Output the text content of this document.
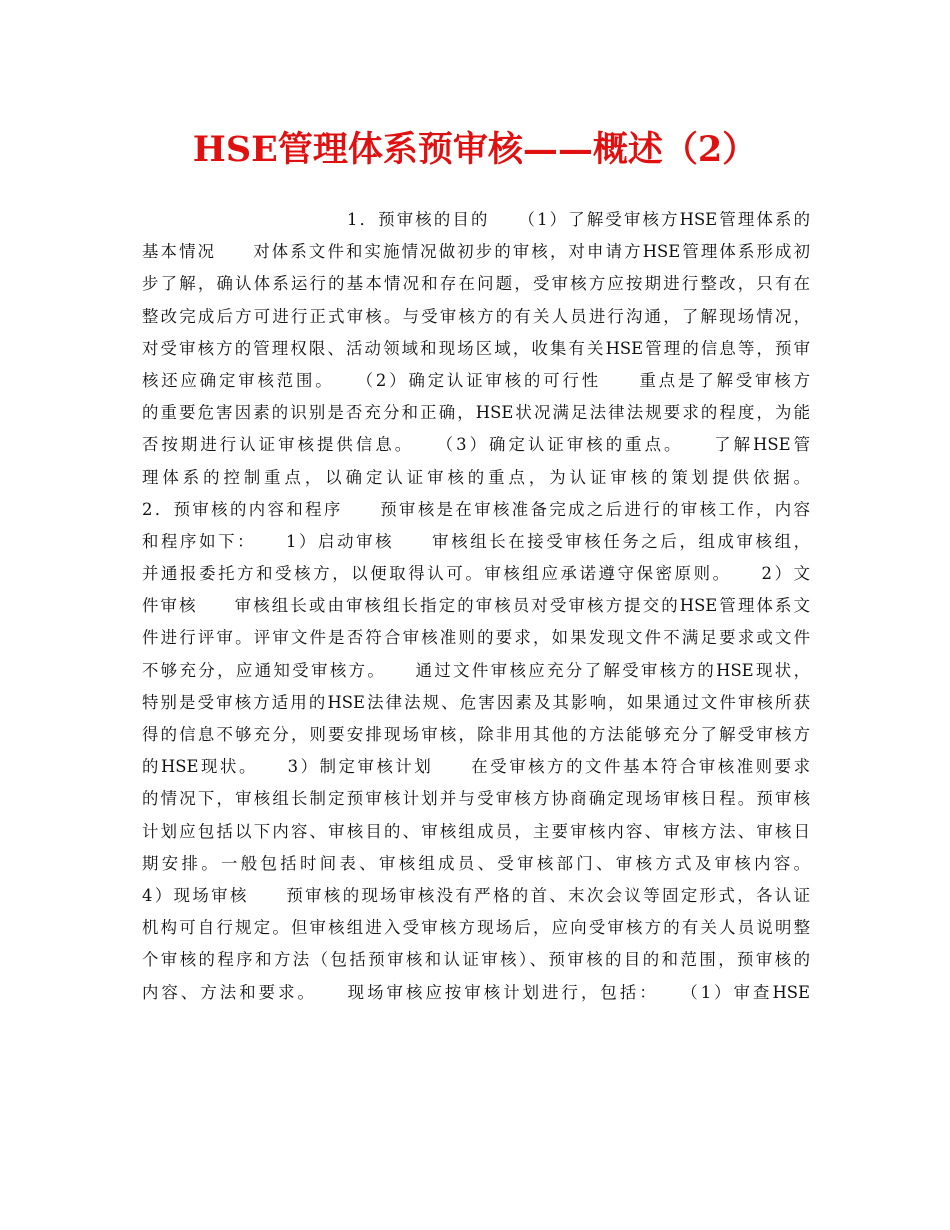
HSE管理体系预审核——概述（2）
1．预审核的目的　　（1）了解受审核方HSE管理体系的
基本情况　　对体系文件和实施情况做初步的审核，对申请方HSE管理体系形成初
步了解，确认体系运行的基本情况和存在问题，受审核方应按期进行整改，只有在
整改完成后方可进行正式审核。与受审核方的有关人员进行沟通，了解现场情况，
对受审核方的管理权限、活动领域和现场区域，收集有关HSE管理的信息等，预审
核还应确定审核范围。　　（2）确定认证审核的可行性　　重点是了解受审核方
的重要危害因素的识别是否充分和正确，HSE状况满足法律法规要求的程度，为能
否按期进行认证审核提供信息。　　（3）确定认证审核的重点。　　了解HSE管
理体系的控制重点，以确定认证审核的重点，为认证审核的策划提供依据。
2．预审核的内容和程序　　预审核是在审核准备完成之后进行的审核工作，内容
和程序如下：　　1）启动审核　　审核组长在接受审核任务之后，组成审核组，
并通报委托方和受核方，以便取得认可。审核组应承诺遵守保密原则。　　2）文
件审核　　审核组长或由审核组长指定的审核员对受审核方提交的HSE管理体系文
件进行评审。评审文件是否符合审核准则的要求，如果发现文件不满足要求或文件
不够充分，应通知受审核方。　　通过文件审核应充分了解受审核方的HSE现状，
特别是受审核方适用的HSE法律法规、危害因素及其影响，如果通过文件审核所获
得的信息不够充分，则要安排现场审核，除非用其他的方法能够充分了解受审核方
的HSE现状。　　3）制定审核计划　　在受审核方的文件基本符合审核准则要求
的情况下，审核组长制定预审核计划并与受审核方协商确定现场审核日程。预审核
计划应包括以下内容、审核目的、审核组成员，主要审核内容、审核方法、审核日
期安排。一般包括时间表、审核组成员、受审核部门、审核方式及审核内容。
4）现场审核　　预审核的现场审核没有严格的首、末次会议等固定形式，各认证
机构可自行规定。但审核组进入受审核方现场后，应向受审核方的有关人员说明整
个审核的程序和方法（包括预审核和认证审核）、预审核的目的和范围，预审核的
内容、方法和要求。　　现场审核应按审核计划进行，包括：　　（1）审查HSE
